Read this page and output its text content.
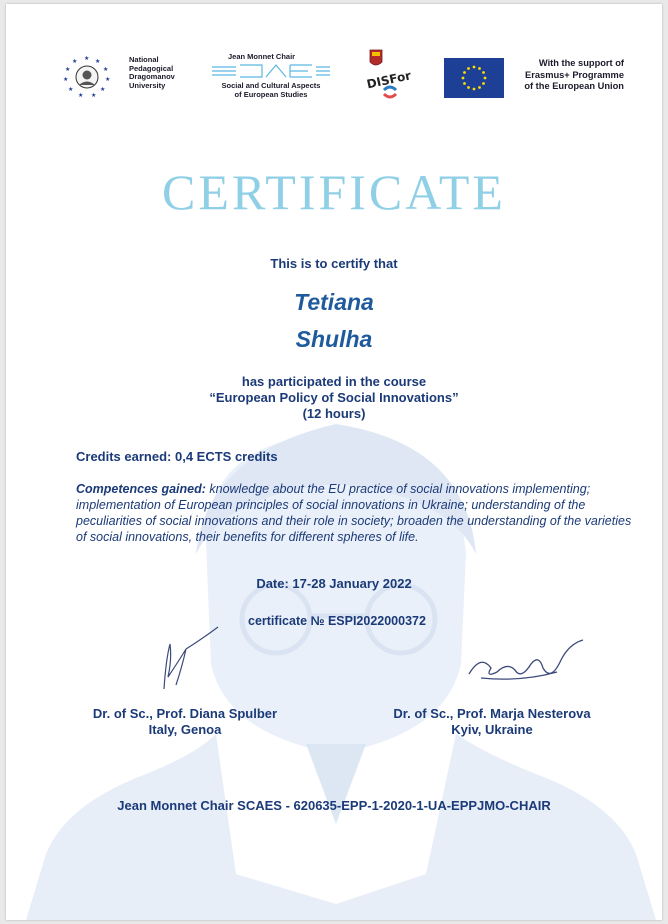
★ ★
★
★
★
★
★
★
★
★
★	National
Pedagogical
Dragomanov
University
Jean Monnet Chair
Social and Cultural Aspects
of European Studies
DISFor
With the support of
Erasmus+ Programme
of the European Union
CERTIFICATE
This is to certify that
Tetiana
Shulha
has participated in the course
“European Policy of Social Innovations”
(12 hours)
Credits earned: 0,4 ECTS credits
Competences gained: knowledge about the EU practice of social innovations implementing; implementation of European principles of social innovations in Ukraine; understanding of the peculiarities of social innovations and their role in society; broaden the understanding of the varieties of social innovations, their benefits for different spheres of life.
Date: 17-28 January 2022
certificate № ESPI2022000372
Dr. of Sc., Prof. Diana Spulber
Italy, Genoa
Dr. of Sc., Prof. Marja Nesterova
Kyiv, Ukraine
Jean Monnet Chair SCAES - 620635-EPP-1-2020-1-UA-EPPJMO-CHAIR
